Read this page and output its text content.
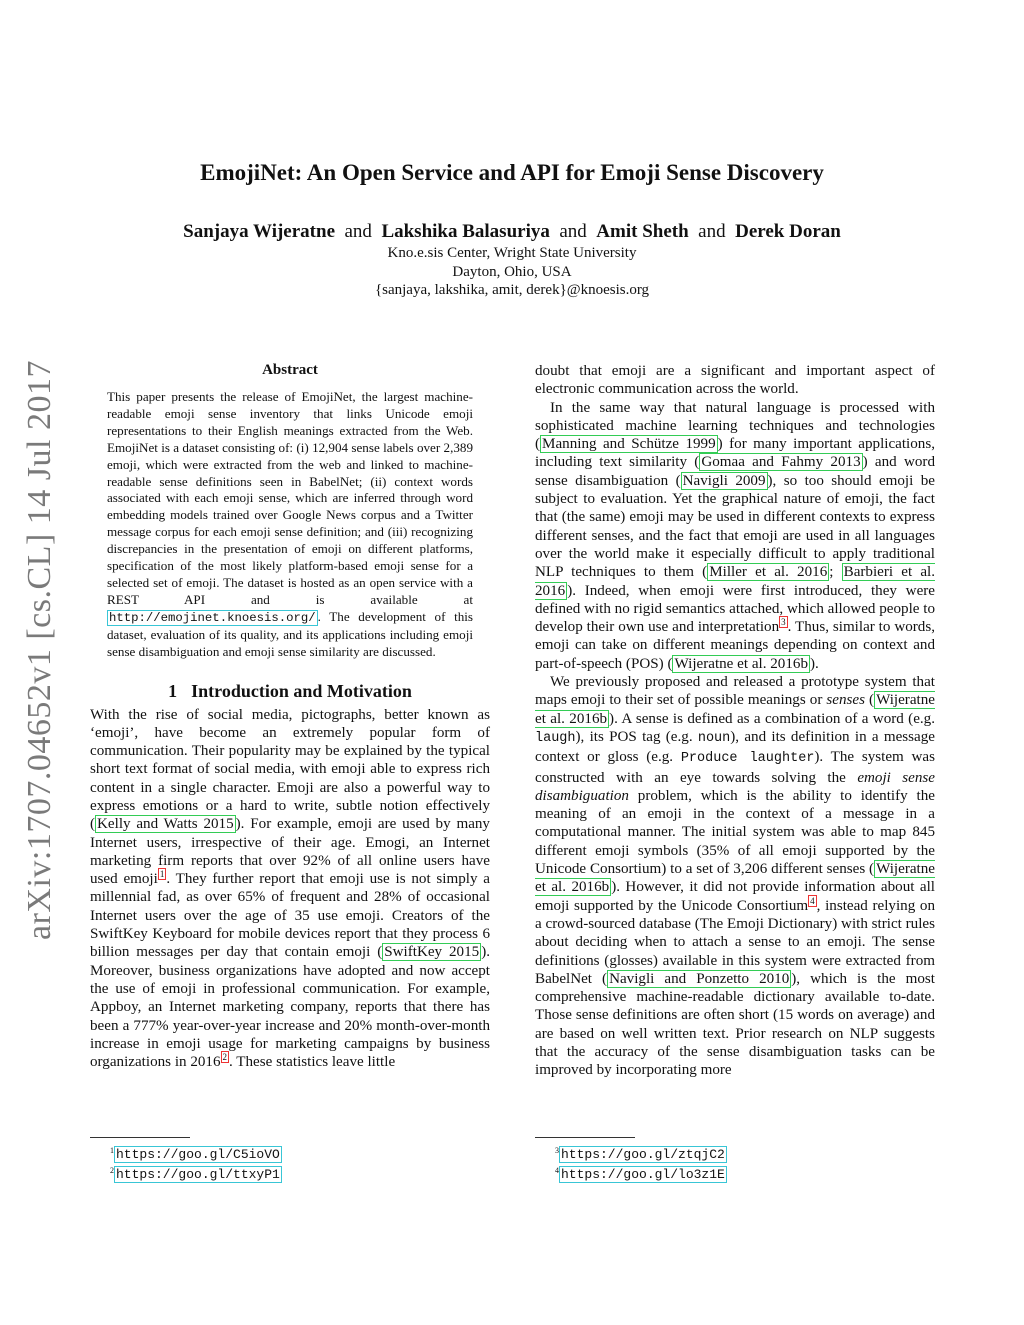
arXiv:1707.04652v1 [cs.CL] 14 Jul 2017
EmojiNet: An Open Service and API for Emoji Sense Discovery
Sanjaya Wijeratne and Lakshika Balasuriya and Amit Sheth and Derek Doran
Kno.e.sis Center, Wright State University
Dayton, Ohio, USA
{sanjaya, lakshika, amit, derek}@knoesis.org
Abstract

This paper presents the release of EmojiNet, the largest machine-readable emoji sense inventory that links Unicode emoji representations to their English meanings extracted from the Web. EmojiNet is a dataset consisting of: (i) 12,904 sense labels over 2,389 emoji, which were extracted from the web and linked to machine-readable sense definitions seen in BabelNet; (ii) context words associated with each emoji sense, which are inferred through word embedding models trained over Google News corpus and a Twitter message corpus for each emoji sense definition; and (iii) recognizing discrepancies in the presentation of emoji on different platforms, specification of the most likely platform-based emoji sense for a selected set of emoji. The dataset is hosted as an open service with a REST API and is available at http://emojinet.knoesis.org/ . The development of this dataset, evaluation of its quality, and its applications including emoji sense disambiguation and emoji sense similarity are discussed.

1 Introduction and Motivation

With the rise of social media, pictographs, better known as ‘emoji’, have become an extremely popular form of communication. Their popularity may be explained by the typical short text format of social media, with emoji able to express rich content in a single character. Emoji are also a powerful way to express emotions or a hard to write, subtle notion effectively ( Kelly and Watts 2015 ). For example, emoji are used by many Internet users, irrespective of their age. Emogi, an Internet marketing firm reports that over 92% of all online users have used emoji $^1$ . They further report that emoji use is not simply a millennial fad, as over 65% of frequent and 28% of occasional Internet users over the age of 35 use emoji. Creators of the SwiftKey Keyboard for mobile devices report that they process 6 billion messages per day that contain emoji ( SwiftKey 2015 ). Moreover, business organizations have adopted and now accept the use of emoji in professional communication. For example, Appboy, an Internet marketing company, reports that there has been a 777% year-over-year increase and 20% month-over-month increase in emoji usage for marketing campaigns by business organizations in 2016 $^2$ . These statistics leave little

doubt that emoji are a significant and important aspect of electronic communication across the world.

In the same way that natural language is processed with sophisticated machine learning techniques and technologies ( Manning and Schütze 1999 ) for many important applications, including text similarity ( Gomaa and Fahmy 2013 ) and word sense disambiguation ( Navigli 2009 ), so too should emoji be subject to evaluation. Yet the graphical nature of emoji, the fact that (the same) emoji may be used in different contexts to express different senses, and the fact that emoji are used in all languages over the world make it especially difficult to apply traditional NLP techniques to them ( Miller et al. 2016 ; Barbieri et al. 2016 ). Indeed, when emoji were first introduced, they were defined with no rigid semantics attached, which allowed people to develop their own use and interpretation $^3$ . Thus, similar to words, emoji can take on different meanings depending on context and part-of-speech (POS) ( Wijeratne et al. 2016b ).

We previously proposed and released a prototype system that maps emoji to their set of possible meanings or senses ( Wijeratne et al. 2016b ). A sense is defined as a combination of a word (e.g. laugh), its POS tag (e.g. noun), and its definition in a message context or gloss (e.g. Produce laughter). The system was constructed with an eye towards solving the emoji sense disambiguation problem, which is the ability to identify the meaning of an emoji in the context of a message in a computational manner. The initial system was able to map 845 different emoji symbols (35% of all emoji supported by the Unicode Consortium) to a set of 3,206 different senses ( Wijeratne et al. 2016b ). However, it did not provide information about all emoji supported by the Unicode Consortium $^4$ , instead relying on a crowd-sourced database (The Emoji Dictionary) with strict rules about deciding when to attach a sense to an emoji. The sense definitions (glosses) available in this system were extracted from BabelNet ( Navigli and Ponzetto 2010 ), which is the most comprehensive machine-readable dictionary available to-date. Those sense definitions are often short (15 words on average) and are based on well written text. Prior research on NLP suggests that the accuracy of the sense disambiguation tasks can be improved by incorporating more

$^1$ https://goo.gl/C5ioVO
$^2$ https://goo.gl/ttxyP1
$^3$ https://goo.gl/ztqjC2
$^4$ https://goo.gl/lo3z1E
